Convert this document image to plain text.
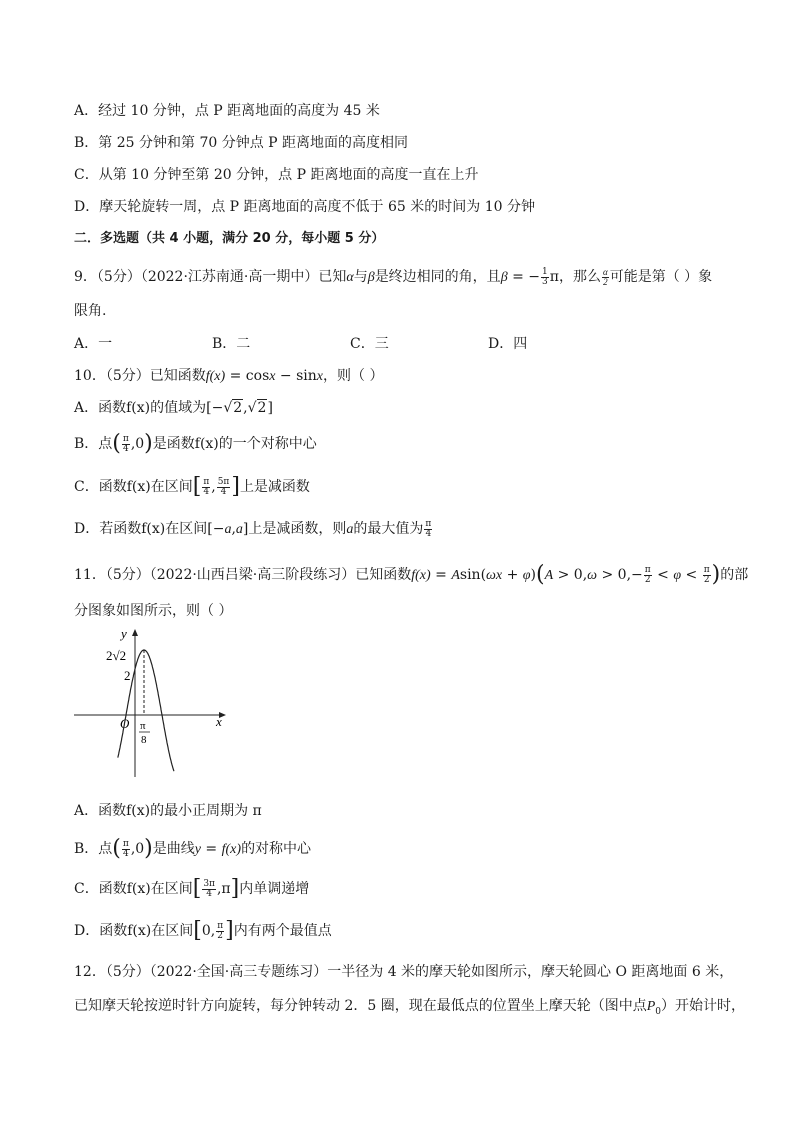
A．经过 10 分钟，点 P 距离地面的高度为 45 米
B．第 25 分钟和第 70 分钟点 P 距离地面的高度相同
C．从第 10 分钟至第 20 分钟，点 P 距离地面的高度一直在上升
D．摩天轮旋转一周，点 P 距离地面的高度不低于 65 米的时间为 10 分钟
二．多选题（共 4 小题，满分 20 分，每小题 5 分）
9．（5分）（2022·江苏南通·高一期中）已知α与β是终边相同的角，且β = − $\frac{1}{3}$ π，那么 $\frac{\alpha}{2}$ 可能是第（ ）象
限角.
A．一	B．二	C．三	D．四
10．（5分）已知函数f(x) = cosx − sinx，则（ ）
A．函数f(x)的值域为[−√2,√2]
B．点( $\frac{\pi}{4} ,0$)是函数f(x)的一个对称中心
C．函数f(x)在区间[ $\frac{\pi}{4}$ , $\frac{5\pi}{4}$ ]上是减函数
D．若函数f(x)在区间[−a,a]上是减函数，则a的最大值为 $\frac{\pi}{4}$
11．（5分）（2022·山西吕梁·高三阶段练习）已知函数$f(x) = Asin(\omega x + \varphi)(A > 0,\omega > 0,- \frac{\pi}{2} < \varphi < \frac{\pi}{2}$ )的部
分图象如图所示，则（ ）
y
x
O
2√2
2
π
8
A．函数f(x)的最小正周期为 π
B．点( $\frac{\pi}{4} ,0$)是曲线y = f(x)的对称中心
C．函数f(x)在区间[ $\frac{3\pi}{4} ,\pi$]内单调递增
D．函数f(x)在区间[0, $\frac{\pi}{2}$ ]内有两个最值点
12．（5分）（2022·全国·高三专题练习）一半径为 4 米的摩天轮如图所示，摩天轮圆心 O 距离地面 6 米，
已知摩天轮按逆时针方向旋转，每分钟转动 2．5 圈，现在最低点的位置坐上摩天轮（图中点$P_0$）开始计时，
